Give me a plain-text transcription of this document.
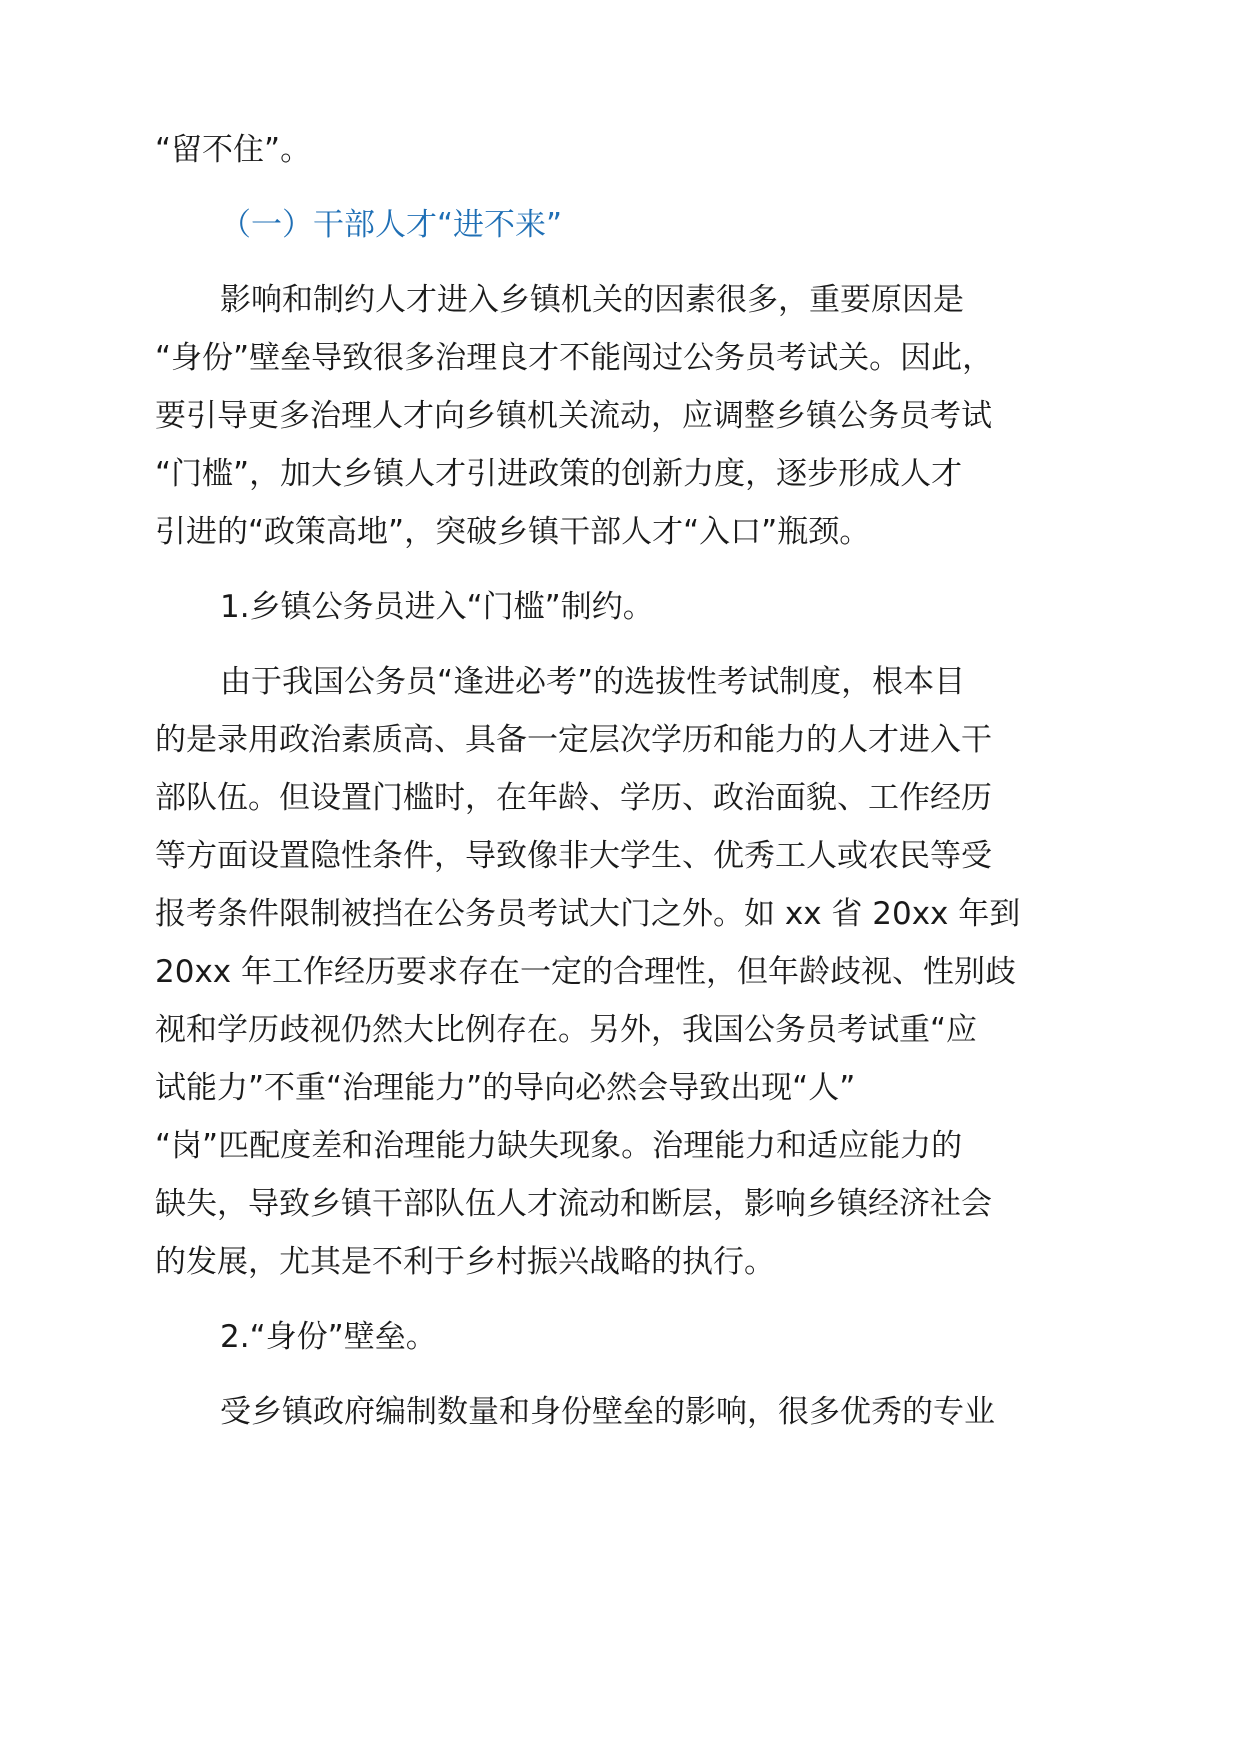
“留不住”。

（一）干部人才“进不来”

影响和制约人才进入乡镇机关的因素很多，重要原因是

“身份”壁垒导致很多治理良才不能闯过公务员考试关。因此，

要引导更多治理人才向乡镇机关流动，应调整乡镇公务员考试

“门槛”，加大乡镇人才引进政策的创新力度，逐步形成人才

引进的“政策高地”，突破乡镇干部人才“入口”瓶颈。

1.乡镇公务员进入“门槛”制约。

由于我国公务员“逢进必考”的选拔性考试制度，根本目

的是录用政治素质高、具备一定层次学历和能力的人才进入干

部队伍。但设置门槛时，在年龄、学历、政治面貌、工作经历

等方面设置隐性条件，导致像非大学生、优秀工人或农民等受

报考条件限制被挡在公务员考试大门之外。如 xx 省 20xx 年到

20xx 年工作经历要求存在一定的合理性，但年龄歧视、性别歧

视和学历歧视仍然大比例存在。另外，我国公务员考试重“应

试能力”不重“治理能力”的导向必然会导致出现“人”

“岗”匹配度差和治理能力缺失现象。治理能力和适应能力的

缺失，导致乡镇干部队伍人才流动和断层，影响乡镇经济社会

的发展，尤其是不利于乡村振兴战略的执行。

2.“身份”壁垒。

受乡镇政府编制数量和身份壁垒的影响，很多优秀的专业
